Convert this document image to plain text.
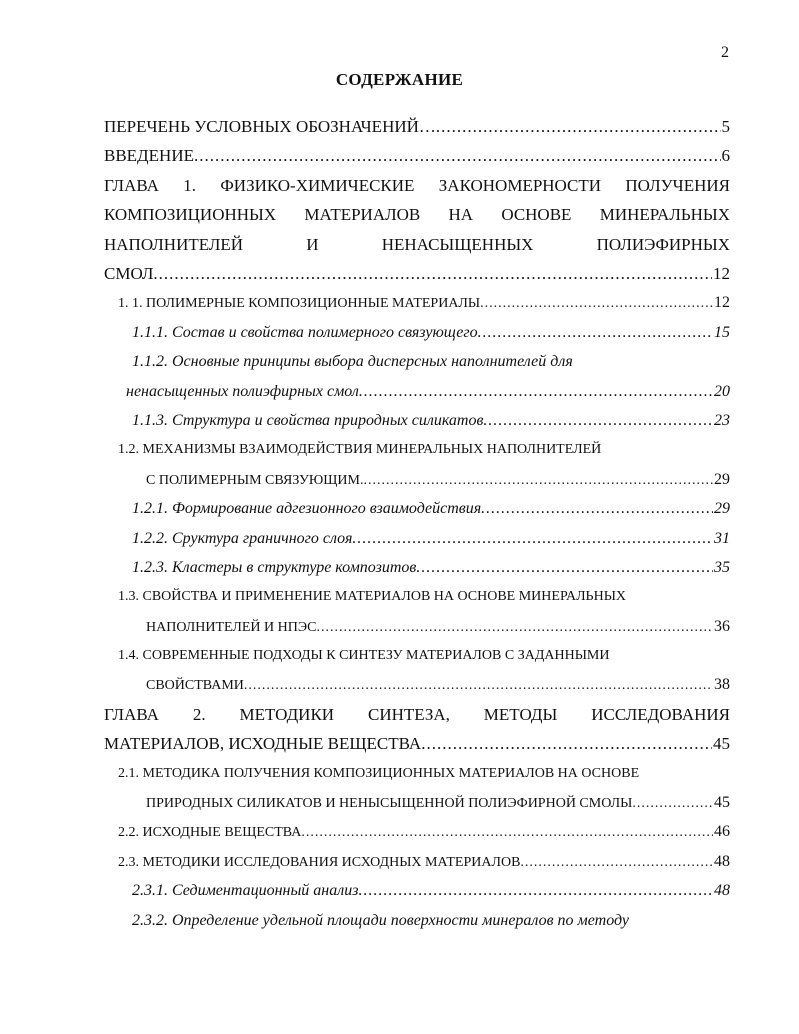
2
СОДЕРЖАНИЕ
ПЕРЕЧЕНЬ УСЛОВНЫХ ОБОЗНАЧЕНИЙ… .....	5
ВВЕДЕНИЕ .....	6
ГЛАВА 1. ФИЗИКО-ХИМИЧЕСКИЕ ЗАКОНОМЕРНОСТИ ПОЛУЧЕНИЯ
КОМПОЗИЦИОННЫХ МАТЕРИАЛОВ НА ОСНОВЕ МИНЕРАЛЬНЫХ
НАПОЛНИТЕЛЕЙ И НЕНАСЫЩЕННЫХ ПОЛИЭФИРНЫХ
СМОЛ .....	12
1. 1. ПОЛИМЕРНЫЕ КОМПОЗИЦИОННЫЕ МАТЕРИАЛЫ .....	12
1.1.1. Состав и свойства полимерного связующего .....	15
1.1.2. Основные принципы выбора дисперсных наполнителей для
ненасыщенных полиэфирных смол .....	20
1.1.3. Структура и свойства природных силикатов .....	23
1.2. МЕХАНИЗМЫ ВЗАИМОДЕЙСТВИЯ МИНЕРАЛЬНЫХ НАПОЛНИТЕЛЕЙ
С ПОЛИМЕРНЫМ СВЯЗУЮЩИМ. .....	29
1.2.1. Формирование адгезионного взаимодействия .....	29
1.2.2. Сруктура граничного слоя .....	31
1.2.3. Кластеры в структуре композитов .....	35
1.3. СВОЙСТВА И ПРИМЕНЕНИЕ МАТЕРИАЛОВ НА ОСНОВЕ МИНЕРАЛЬНЫХ
НАПОЛНИТЕЛЕЙ И НПЭС .....	36
1.4. СОВРЕМЕННЫЕ ПОДХОДЫ К СИНТЕЗУ МАТЕРИАЛОВ С ЗАДАННЫМИ
СВОЙСТВАМИ .....	38
ГЛАВА 2. МЕТОДИКИ СИНТЕЗА, МЕТОДЫ ИССЛЕДОВАНИЯ
МАТЕРИАЛОВ, ИСХОДНЫЕ ВЕЩЕСТВА .....	45
2.1. МЕТОДИКА ПОЛУЧЕНИЯ КОМПОЗИЦИОННЫХ МАТЕРИАЛОВ НА ОСНОВЕ
ПРИРОДНЫХ СИЛИКАТОВ И НЕНЫСЫЩЕННОЙ ПОЛИЭФИРНОЙ СМОЛЫ .....	45
2.2. ИСХОДНЫЕ ВЕЩЕСТВА .....	46
2.3. МЕТОДИКИ ИССЛЕДОВАНИЯ ИСХОДНЫХ МАТЕРИАЛОВ .....	48
2.3.1. Седиментационный анализ .....	48
2.3.2. Определение удельной площади поверхности минералов по методу
